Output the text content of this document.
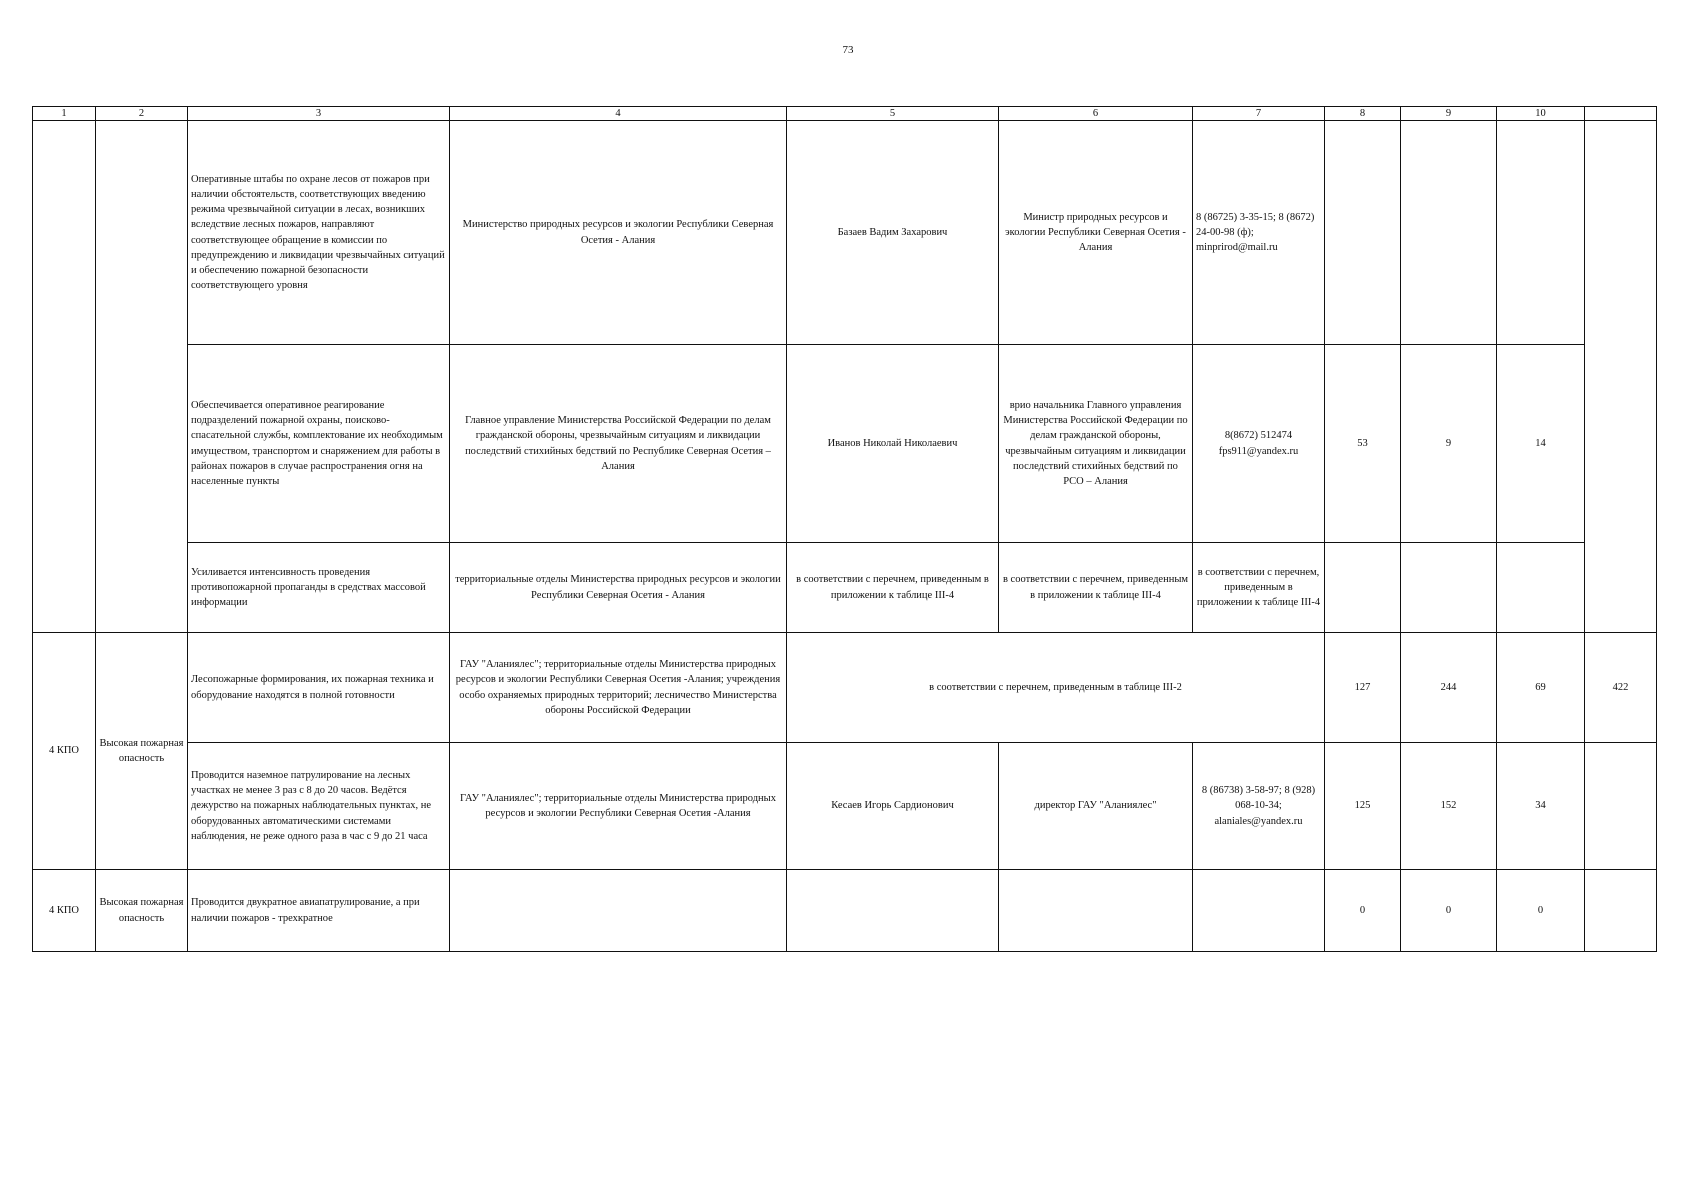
73
1	2	3	4	5	6	7	8	9	10	
		Оперативные штабы по охране лесов от пожаров при наличии обстоятельств, соответствующих введению режима чрезвычайной ситуации в лесах, возникших вследствие лесных пожаров, направляют соответствующее обращение в комиссии по предупреждению и ликвидации чрезвычайных ситуаций и обеспечению пожарной безопасности соответствующего уровня	Министерство природных ресурсов и экологии Республики Северная Осетия - Алания	Базаев Вадим Захарович	Министр природных ресурсов и экологии Республики Северная Осетия - Алания	8 (86725) 3-35-15; 8 (8672) 24-00-98 (ф); minprirod@mail.ru				
		Обеспечивается оперативное реагирование подразделений пожарной охраны, поисково-спасательной службы, комплектование их необходимым имуществом, транспортом и снаряжением для работы в районах пожаров в случае распространения огня на населенные пункты	Главное управление Министерства Российской Федерации по делам гражданской обороны, чрезвычайным ситуациям и ликвидации последствий стихийных бедствий по Республике Северная Осетия – Алания	Иванов Николай Николаевич	врио начальника Главного управления Министерства Российской Федерации по делам гражданской обороны, чрезвычайным ситуациям и ликвидации последствий стихийных бедствий по РСО – Алания	8(8672) 512474 fps911@yandex.ru	53	9	14	
		Усиливается интенсивность проведения противопожарной пропаганды в средствах массовой информации	территориальные отделы Министерства природных ресурсов и экологии Республики Северная Осетия - Алания	в соответствии с перечнем, приведенным в приложении к таблице III-4	в соответствии с перечнем, приведенным в приложении к таблице III-4	в соответствии с перечнем, приведенным в приложении к таблице III-4				
4 КПО	Высокая пожарная опасность	Лесопожарные формирования, их пожарная техника и оборудование находятся в полной готовности	ГАУ "Аланиялес"; территориальные отделы Министерства природных ресурсов и экологии Республики Северная Осетия -Алания; учреждения особо охраняемых природных территорий; лесничество Министерства обороны Российской Федерации	в соответствии с перечнем, приведенным в таблице III-2			127	244	69	422
		Проводится наземное патрулирование на лесных участках не менее 3 раз с 8 до 20 часов. Ведётся дежурство на пожарных наблюдательных пунктах, не оборудованных автоматическими системами наблюдения, не реже одного раза в час с 9 до 21 часа	ГАУ "Аланиялес"; территориальные отделы Министерства природных ресурсов и экологии Республики Северная Осетия -Алания	Кесаев Игорь Сардионович	директор ГАУ "Аланиялес"	8 (86738) 3-58-97; 8 (928) 068-10-34; alaniales@yandex.ru	125	152	34	
4 КПО	Высокая пожарная опасность	Проводится двукратное авиапатрулирование, а при наличии пожаров - трехкратное					0	0	0	
